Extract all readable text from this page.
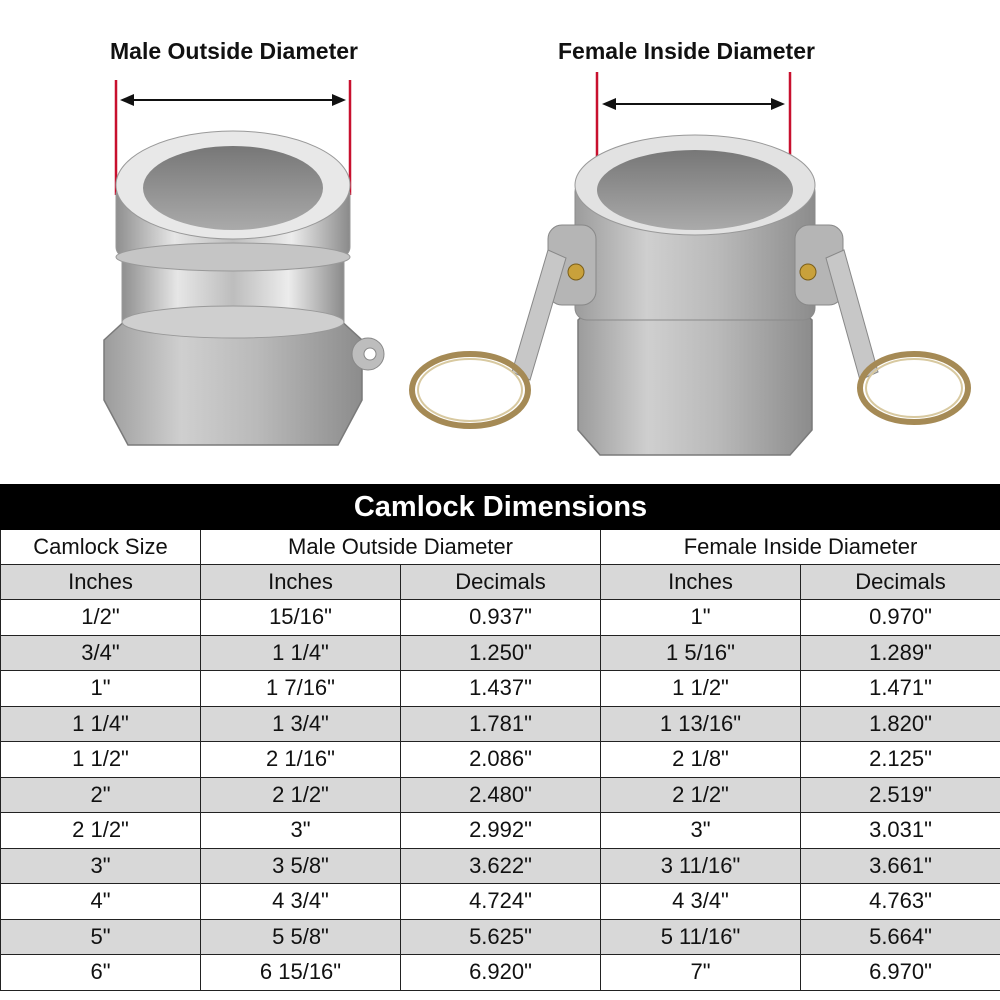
Male Outside Diameter	Female Inside Diameter
Camlock Dimensions				
Camlock Size	Male Outside Diameter		Female Inside Diameter	
Inches	Inches	Decimals	Inches	Decimals
1/2"	15/16"	0.937"	1"	0.970"
3/4"	1 1/4"	1.250"	1 5/16"	1.289"
1"	1 7/16"	1.437"	1 1/2"	1.471"
1 1/4"	1 3/4"	1.781"	1 13/16"	1.820"
1 1/2"	2 1/16"	2.086"	2 1/8"	2.125"
2"	2 1/2"	2.480"	2 1/2"	2.519"
2 1/2"	3"	2.992"	3"	3.031"
3"	3 5/8"	3.622"	3 11/16"	3.661"
4"	4 3/4"	4.724"	4 3/4"	4.763"
5"	5 5/8"	5.625"	5 11/16"	5.664"
6"	6 15/16"	6.920"	7"	6.970"
